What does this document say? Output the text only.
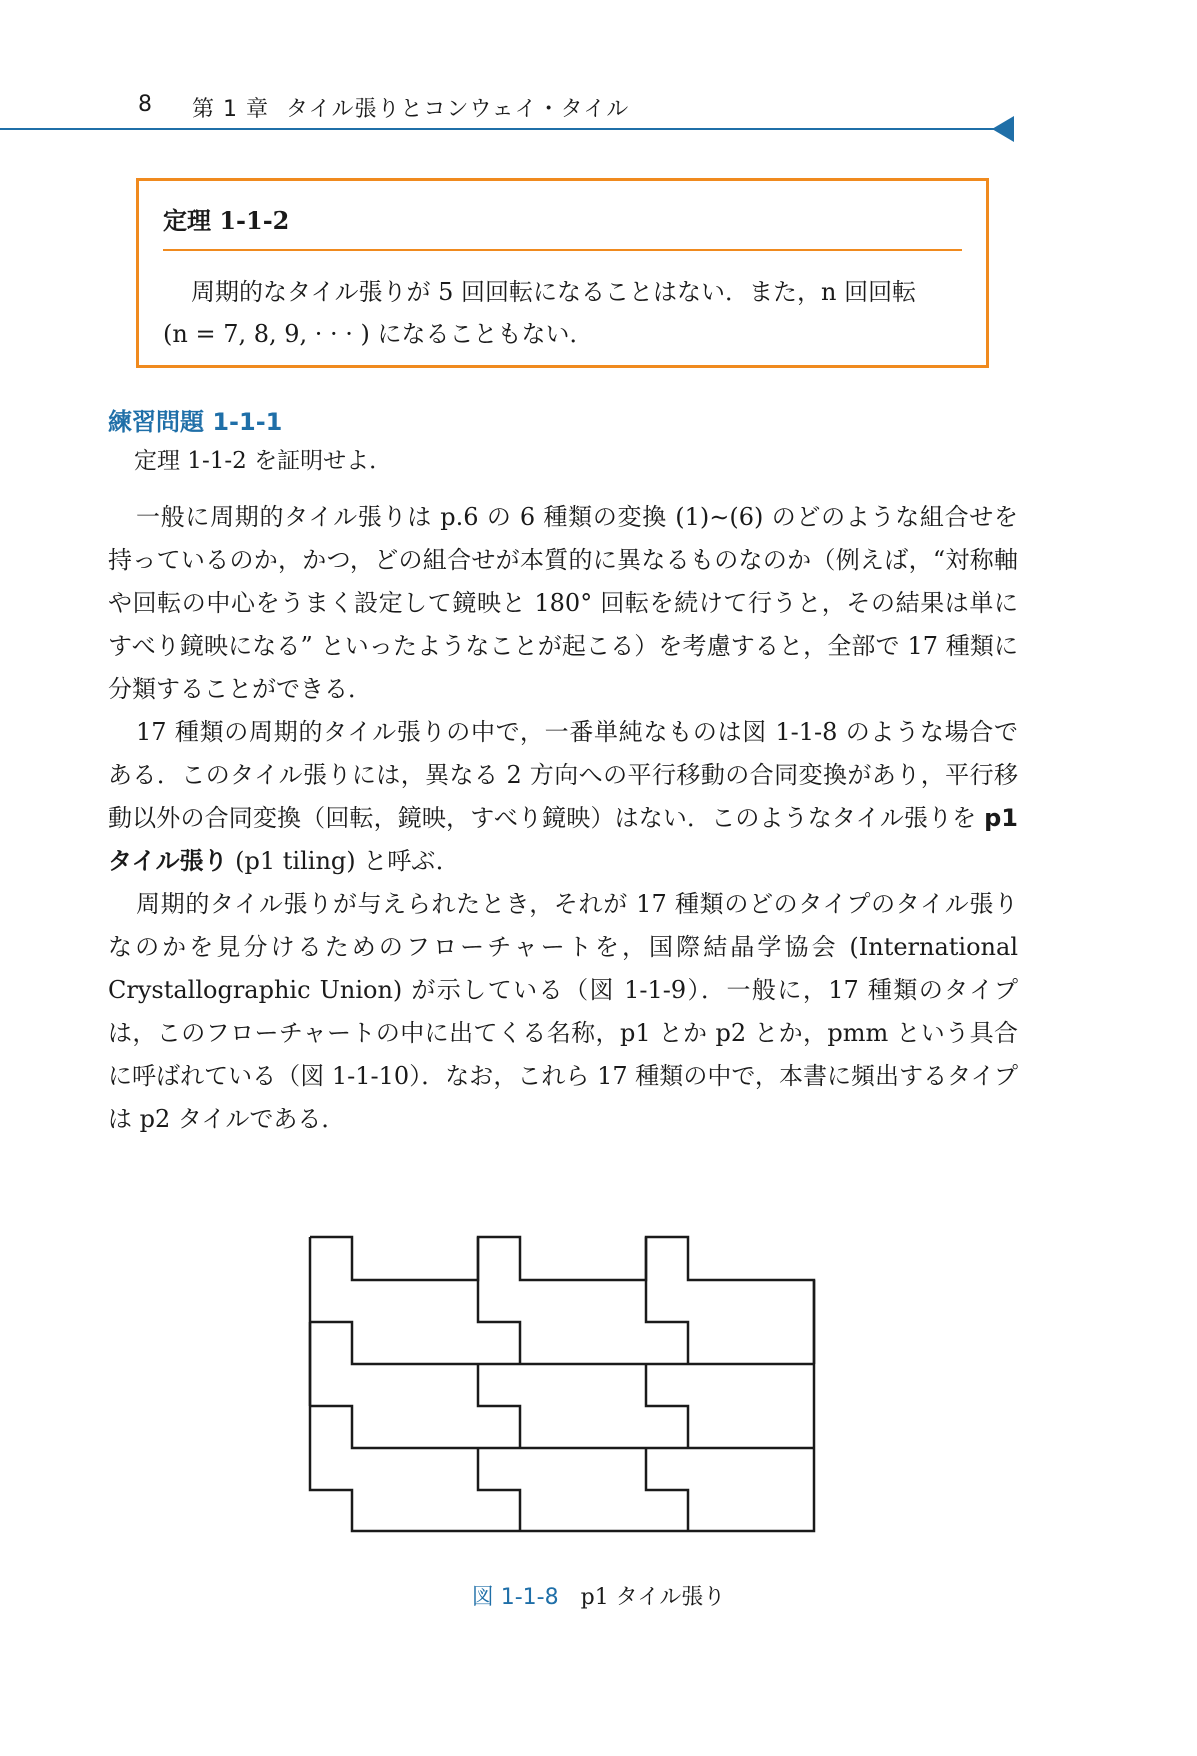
8 第 1 章 タイル張りとコンウェイ・タイル
定理 1-1-2
周期的なタイル張りが 5 回回転になることはない．また，n 回回転
(n = 7, 8, 9, · · · ) になることもない．
練習問題 1-1-1
定理 1-1-2 を証明せよ．

一般に周期的タイル張りは p.6 の 6 種類の変換 (1)∼(6) のどのような組合せを持っているのか，かつ，どの組合せが本質的に異なるものなのか（例えば，“対称軸や回転の中心をうまく設定して鏡映と 180° 回転を続けて行うと，その結果は単にすべり鏡映になる” といったようなことが起こる）を考慮すると，全部で 17 種類に分類することができる．

17 種類の周期的タイル張りの中で，一番単純なものは図 1-1-8 のような場合である．このタイル張りには，異なる 2 方向への平行移動の合同変換があり，平行移動以外の合同変換（回転，鏡映，すべり鏡映）はない．このようなタイル張りを p1 タイル張り (p1 tiling) と呼ぶ．

周期的タイル張りが与えられたとき，それが 17 種類のどのタイプのタイル張りなのかを見分けるためのフローチャートを，国際結晶学協会 (International Crystallographic Union) が示している（図 1-1-9）．一般に，17 種類のタイプは，このフローチャートの中に出てくる名称，p1 とか p2 とか，pmm という具合に呼ばれている（図 1-1-10）．なお，これら 17 種類の中で，本書に頻出するタイプは p2 タイルである．

図 1-1-8 p1 タイル張り
